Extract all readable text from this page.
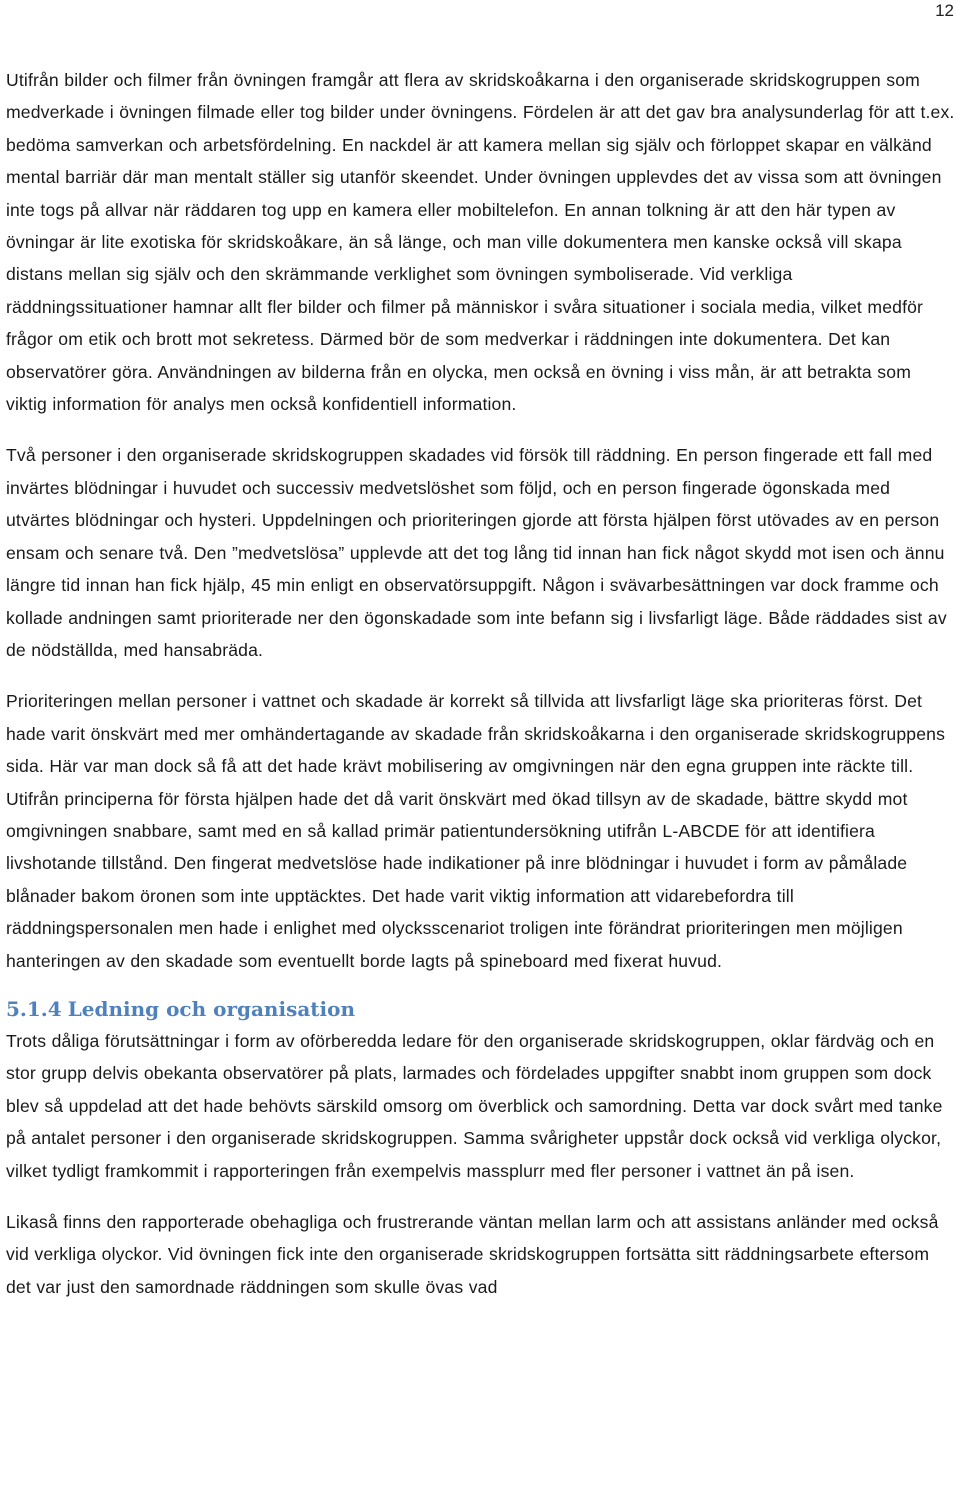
12

Utifrån bilder och filmer från övningen framgår att flera av skridskoåkarna i den organiserade skridskogruppen som medverkade i övningen filmade eller tog bilder under övningens. Fördelen är att det gav bra analysunderlag för att t.ex. bedöma samverkan och arbetsfördelning. En nackdel är att kamera mellan sig själv och förloppet skapar en välkänd mental barriär där man mentalt ställer sig utanför skeendet. Under övningen upplevdes det av vissa som att övningen inte togs på allvar när räddaren tog upp en kamera eller mobiltelefon. En annan tolkning är att den här typen av övningar är lite exotiska för skridskoåkare, än så länge, och man ville dokumentera men kanske också vill skapa distans mellan sig själv och den skrämmande verklighet som övningen symboliserade. Vid verkliga räddningssituationer hamnar allt fler bilder och filmer på människor i svåra situationer i sociala media, vilket medför frågor om etik och brott mot sekretess. Därmed bör de som medverkar i räddningen inte dokumentera. Det kan observatörer göra. Användningen av bilderna från en olycka, men också en övning i viss mån, är att betrakta som viktig information för analys men också konfidentiell information.

Två personer i den organiserade skridskogruppen skadades vid försök till räddning. En person fingerade ett fall med invärtes blödningar i huvudet och successiv medvetslöshet som följd, och en person fingerade ögonskada med utvärtes blödningar och hysteri. Uppdelningen och prioriteringen gjorde att första hjälpen först utövades av en person ensam och senare två. Den ”medvetslösa” upplevde att det tog lång tid innan han fick något skydd mot isen och ännu längre tid innan han fick hjälp, 45 min enligt en observatörsuppgift. Någon i svävarbesättningen var dock framme och kollade andningen samt prioriterade ner den ögonskadade som inte befann sig i livsfarligt läge. Både räddades sist av de nödställda, med hansabräda.

Prioriteringen mellan personer i vattnet och skadade är korrekt så tillvida att livsfarligt läge ska prioriteras först. Det hade varit önskvärt med mer omhändertagande av skadade från skridskoåkarna i den organiserade skridskogruppens sida. Här var man dock så få att det hade krävt mobilisering av omgivningen när den egna gruppen inte räckte till. Utifrån principerna för första hjälpen hade det då varit önskvärt med ökad tillsyn av de skadade, bättre skydd mot omgivningen snabbare, samt med en så kallad primär patientundersökning utifrån L-ABCDE för att identifiera livshotande tillstånd. Den fingerat medvetslöse hade indikationer på inre blödningar i huvudet i form av påmålade blånader bakom öronen som inte upptäcktes. Det hade varit viktig information att vidarebefordra till räddningspersonalen men hade i enlighet med olycksscenariot troligen inte förändrat prioriteringen men möjligen hanteringen av den skadade som eventuellt borde lagts på spineboard med fixerat huvud.

5.1.4 Ledning och organisation

Trots dåliga förutsättningar i form av oförberedda ledare för den organiserade skridskogruppen, oklar färdväg och en stor grupp delvis obekanta observatörer på plats, larmades och fördelades uppgifter snabbt inom gruppen som dock blev så uppdelad att det hade behövts särskild omsorg om överblick och samordning. Detta var dock svårt med tanke på antalet personer i den organiserade skridskogruppen. Samma svårigheter uppstår dock också vid verkliga olyckor, vilket tydligt framkommit i rapporteringen från exempelvis massplurr med fler personer i vattnet än på isen.

Likaså finns den rapporterade obehagliga och frustrerande väntan mellan larm och att assistans anländer med också vid verkliga olyckor. Vid övningen fick inte den organiserade skridskogruppen fortsätta sitt räddningsarbete eftersom det var just den samordnade räddningen som skulle övas vad
